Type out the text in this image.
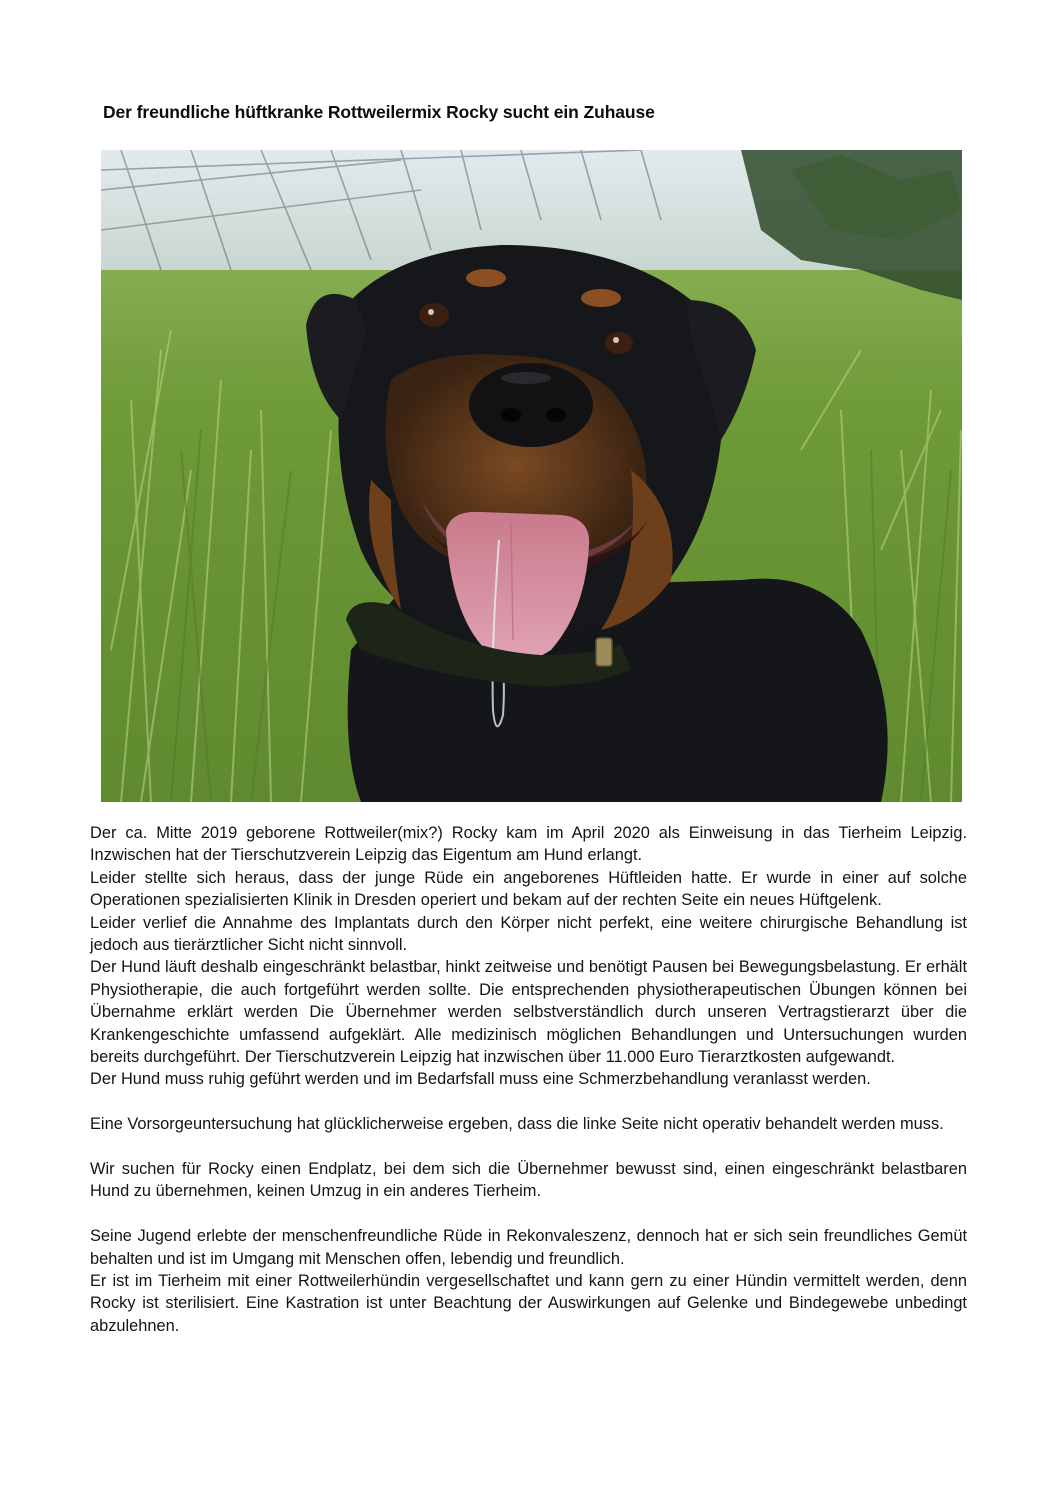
Der freundliche hüftkranke Rottweilermix Rocky sucht ein Zuhause

Der ca. Mitte 2019 geborene Rottweiler(mix?) Rocky kam im April 2020 als Einweisung in das Tierheim Leipzig. Inzwischen hat der Tierschutzverein Leipzig das Eigentum am Hund erlangt.

Leider stellte sich heraus, dass der junge Rüde ein angeborenes Hüftleiden hatte. Er wurde in einer auf solche Operationen spezialisierten Klinik in Dresden operiert und bekam auf der rechten Seite ein neues Hüftgelenk.

Leider verlief die Annahme des Implantats durch den Körper nicht perfekt, eine weitere chirurgische Behandlung ist jedoch aus tierärztlicher Sicht nicht sinnvoll.

Der Hund läuft deshalb eingeschränkt belastbar, hinkt zeitweise und benötigt Pausen bei Bewegungsbelastung. Er erhält Physiotherapie, die auch fortgeführt werden sollte. Die entsprechenden physiotherapeutischen Übungen können bei Übernahme erklärt werden Die Übernehmer werden selbstverständlich durch unseren Vertragstierarzt über die Krankengeschichte umfassend aufgeklärt. Alle medizinisch möglichen Behandlungen und Untersuchungen wurden bereits durchgeführt. Der Tierschutzverein Leipzig hat inzwischen über 11.000 Euro Tierarztkosten aufgewandt.

Der Hund muss ruhig geführt werden und im Bedarfsfall muss eine Schmerzbehandlung veranlasst werden.

Eine Vorsorgeuntersuchung hat glücklicherweise ergeben, dass die linke Seite nicht operativ behandelt werden muss.

Wir suchen für Rocky einen Endplatz, bei dem sich die Übernehmer bewusst sind, einen eingeschränkt belastbaren Hund zu übernehmen, keinen Umzug in ein anderes Tierheim.

Seine Jugend erlebte der menschenfreundliche Rüde in Rekonvaleszenz, dennoch hat er sich sein freundliches Gemüt behalten und ist im Umgang mit Menschen offen, lebendig und freundlich.

Er ist im Tierheim mit einer Rottweilerhündin vergesellschaftet und kann gern zu einer Hündin vermittelt werden, denn Rocky ist sterilisiert. Eine Kastration ist unter Beachtung der Auswirkungen auf Gelenke und Bindegewebe unbedingt abzulehnen.
